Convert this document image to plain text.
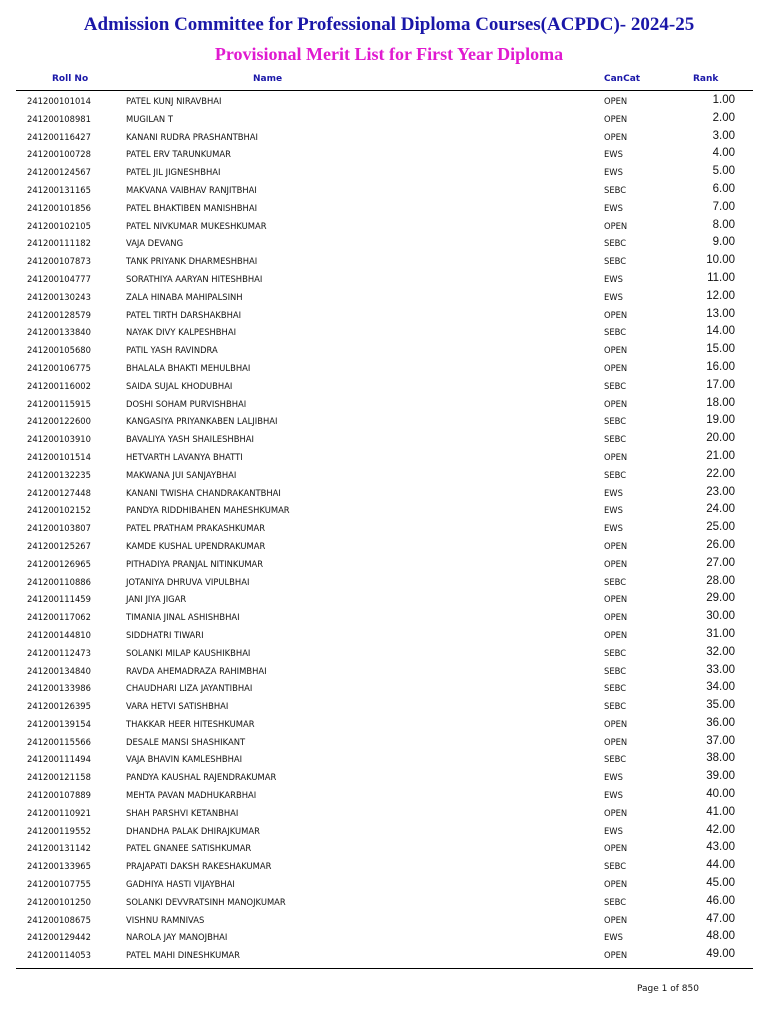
Admission Committee for Professional Diploma Courses(ACPDC)- 2024-25
Provisional Merit List for First Year Diploma
Roll No	Name	CanCat	Rank
241200101014	PATEL KUNJ NIRAVBHAI	OPEN	1.00
241200108981	MUGILAN T	OPEN	2.00
241200116427	KANANI RUDRA PRASHANTBHAI	OPEN	3.00
241200100728	PATEL ERV TARUNKUMAR	EWS	4.00
241200124567	PATEL JIL JIGNESHBHAI	EWS	5.00
241200131165	MAKVANA VAIBHAV RANJITBHAI	SEBC	6.00
241200101856	PATEL BHAKTIBEN MANISHBHAI	EWS	7.00
241200102105	PATEL NIVKUMAR MUKESHKUMAR	OPEN	8.00
241200111182	VAJA DEVANG	SEBC	9.00
241200107873	TANK PRIYANK DHARMESHBHAI	SEBC	10.00
241200104777	SORATHIYA AARYAN HITESHBHAI	EWS	11.00
241200130243	ZALA HINABA MAHIPALSINH	EWS	12.00
241200128579	PATEL TIRTH DARSHAKBHAI	OPEN	13.00
241200133840	NAYAK DIVY KALPESHBHAI	SEBC	14.00
241200105680	PATIL YASH RAVINDRA	OPEN	15.00
241200106775	BHALALA BHAKTI MEHULBHAI	OPEN	16.00
241200116002	SAIDA SUJAL KHODUBHAI	SEBC	17.00
241200115915	DOSHI SOHAM PURVISHBHAI	OPEN	18.00
241200122600	KANGASIYA PRIYANKABEN LALJIBHAI	SEBC	19.00
241200103910	BAVALIYA YASH SHAILESHBHAI	SEBC	20.00
241200101514	HETVARTH LAVANYA BHATTI	OPEN	21.00
241200132235	MAKWANA JUI SANJAYBHAI	SEBC	22.00
241200127448	KANANI TWISHA CHANDRAKANTBHAI	EWS	23.00
241200102152	PANDYA RIDDHIBAHEN MAHESHKUMAR	EWS	24.00
241200103807	PATEL PRATHAM PRAKASHKUMAR	EWS	25.00
241200125267	KAMDE KUSHAL UPENDRAKUMAR	OPEN	26.00
241200126965	PITHADIYA PRANJAL NITINKUMAR	OPEN	27.00
241200110886	JOTANIYA DHRUVA VIPULBHAI	SEBC	28.00
241200111459	JANI JIYA JIGAR	OPEN	29.00
241200117062	TIMANIA JINAL ASHISHBHAI	OPEN	30.00
241200144810	SIDDHATRI TIWARI	OPEN	31.00
241200112473	SOLANKI MILAP KAUSHIKBHAI	SEBC	32.00
241200134840	RAVDA AHEMADRAZA RAHIMBHAI	SEBC	33.00
241200133986	CHAUDHARI LIZA JAYANTIBHAI	SEBC	34.00
241200126395	VARA HETVI SATISHBHAI	SEBC	35.00
241200139154	THAKKAR HEER HITESHKUMAR	OPEN	36.00
241200115566	DESALE MANSI SHASHIKANT	OPEN	37.00
241200111494	VAJA BHAVIN KAMLESHBHAI	SEBC	38.00
241200121158	PANDYA KAUSHAL RAJENDRAKUMAR	EWS	39.00
241200107889	MEHTA PAVAN MADHUKARBHAI	EWS	40.00
241200110921	SHAH PARSHVI KETANBHAI	OPEN	41.00
241200119552	DHANDHA PALAK DHIRAJKUMAR	EWS	42.00
241200131142	PATEL GNANEE SATISHKUMAR	OPEN	43.00
241200133965	PRAJAPATI DAKSH RAKESHAKUMAR	SEBC	44.00
241200107755	GADHIYA HASTI VIJAYBHAI	OPEN	45.00
241200101250	SOLANKI DEVVRATSINH MANOJKUMAR	SEBC	46.00
241200108675	VISHNU RAMNIVAS	OPEN	47.00
241200129442	NAROLA JAY MANOJBHAI	EWS	48.00
241200114053	PATEL MAHI DINESHKUMAR	OPEN	49.00
Page 1 of 850
